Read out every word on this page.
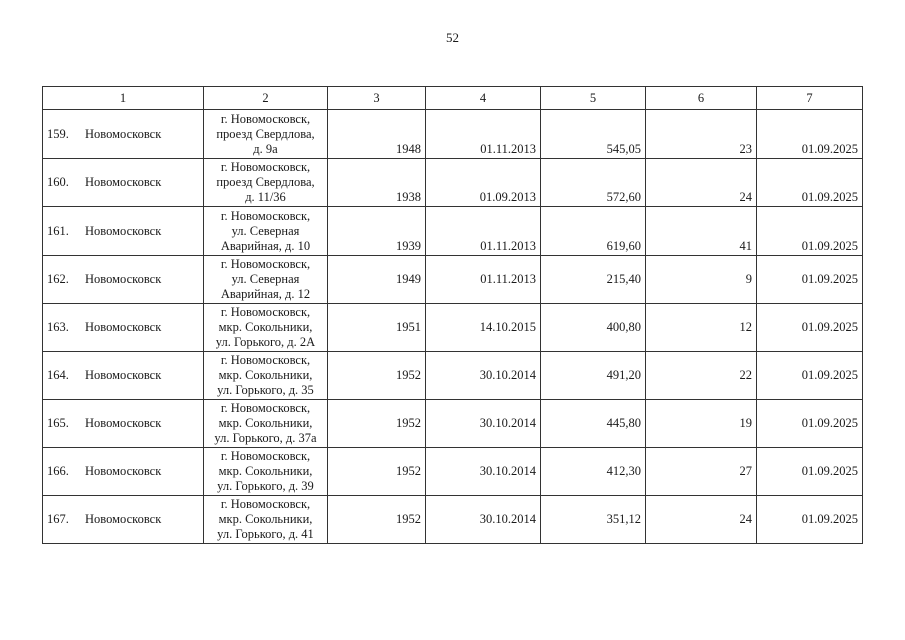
52
1	2	3	4	5	6	7
159. Новомосковск	г. Новомосковск,
проезд Свердлова,
д. 9а	1948	01.11.2013	545,05	23	01.09.2025
160. Новомосковск	г. Новомосковск,
проезд Свердлова,
д. 11/36	1938	01.09.2013	572,60	24	01.09.2025
161. Новомосковск	г. Новомосковск,
ул. Северная
Аварийная, д. 10	1939	01.11.2013	619,60	41	01.09.2025
162. Новомосковск	г. Новомосковск,
ул. Северная
Аварийная, д. 12	1949	01.11.2013	215,40	9	01.09.2025
163. Новомосковск	г. Новомосковск,
мкр. Сокольники,
ул. Горького, д. 2А	1951	14.10.2015	400,80	12	01.09.2025
164. Новомосковск	г. Новомосковск,
мкр. Сокольники,
ул. Горького, д. 35	1952	30.10.2014	491,20	22	01.09.2025
165. Новомосковск	г. Новомосковск,
мкр. Сокольники,
ул. Горького, д. 37а	1952	30.10.2014	445,80	19	01.09.2025
166. Новомосковск	г. Новомосковск,
мкр. Сокольники,
ул. Горького, д. 39	1952	30.10.2014	412,30	27	01.09.2025
167. Новомосковск	г. Новомосковск,
мкр. Сокольники,
ул. Горького, д. 41	1952	30.10.2014	351,12	24	01.09.2025
